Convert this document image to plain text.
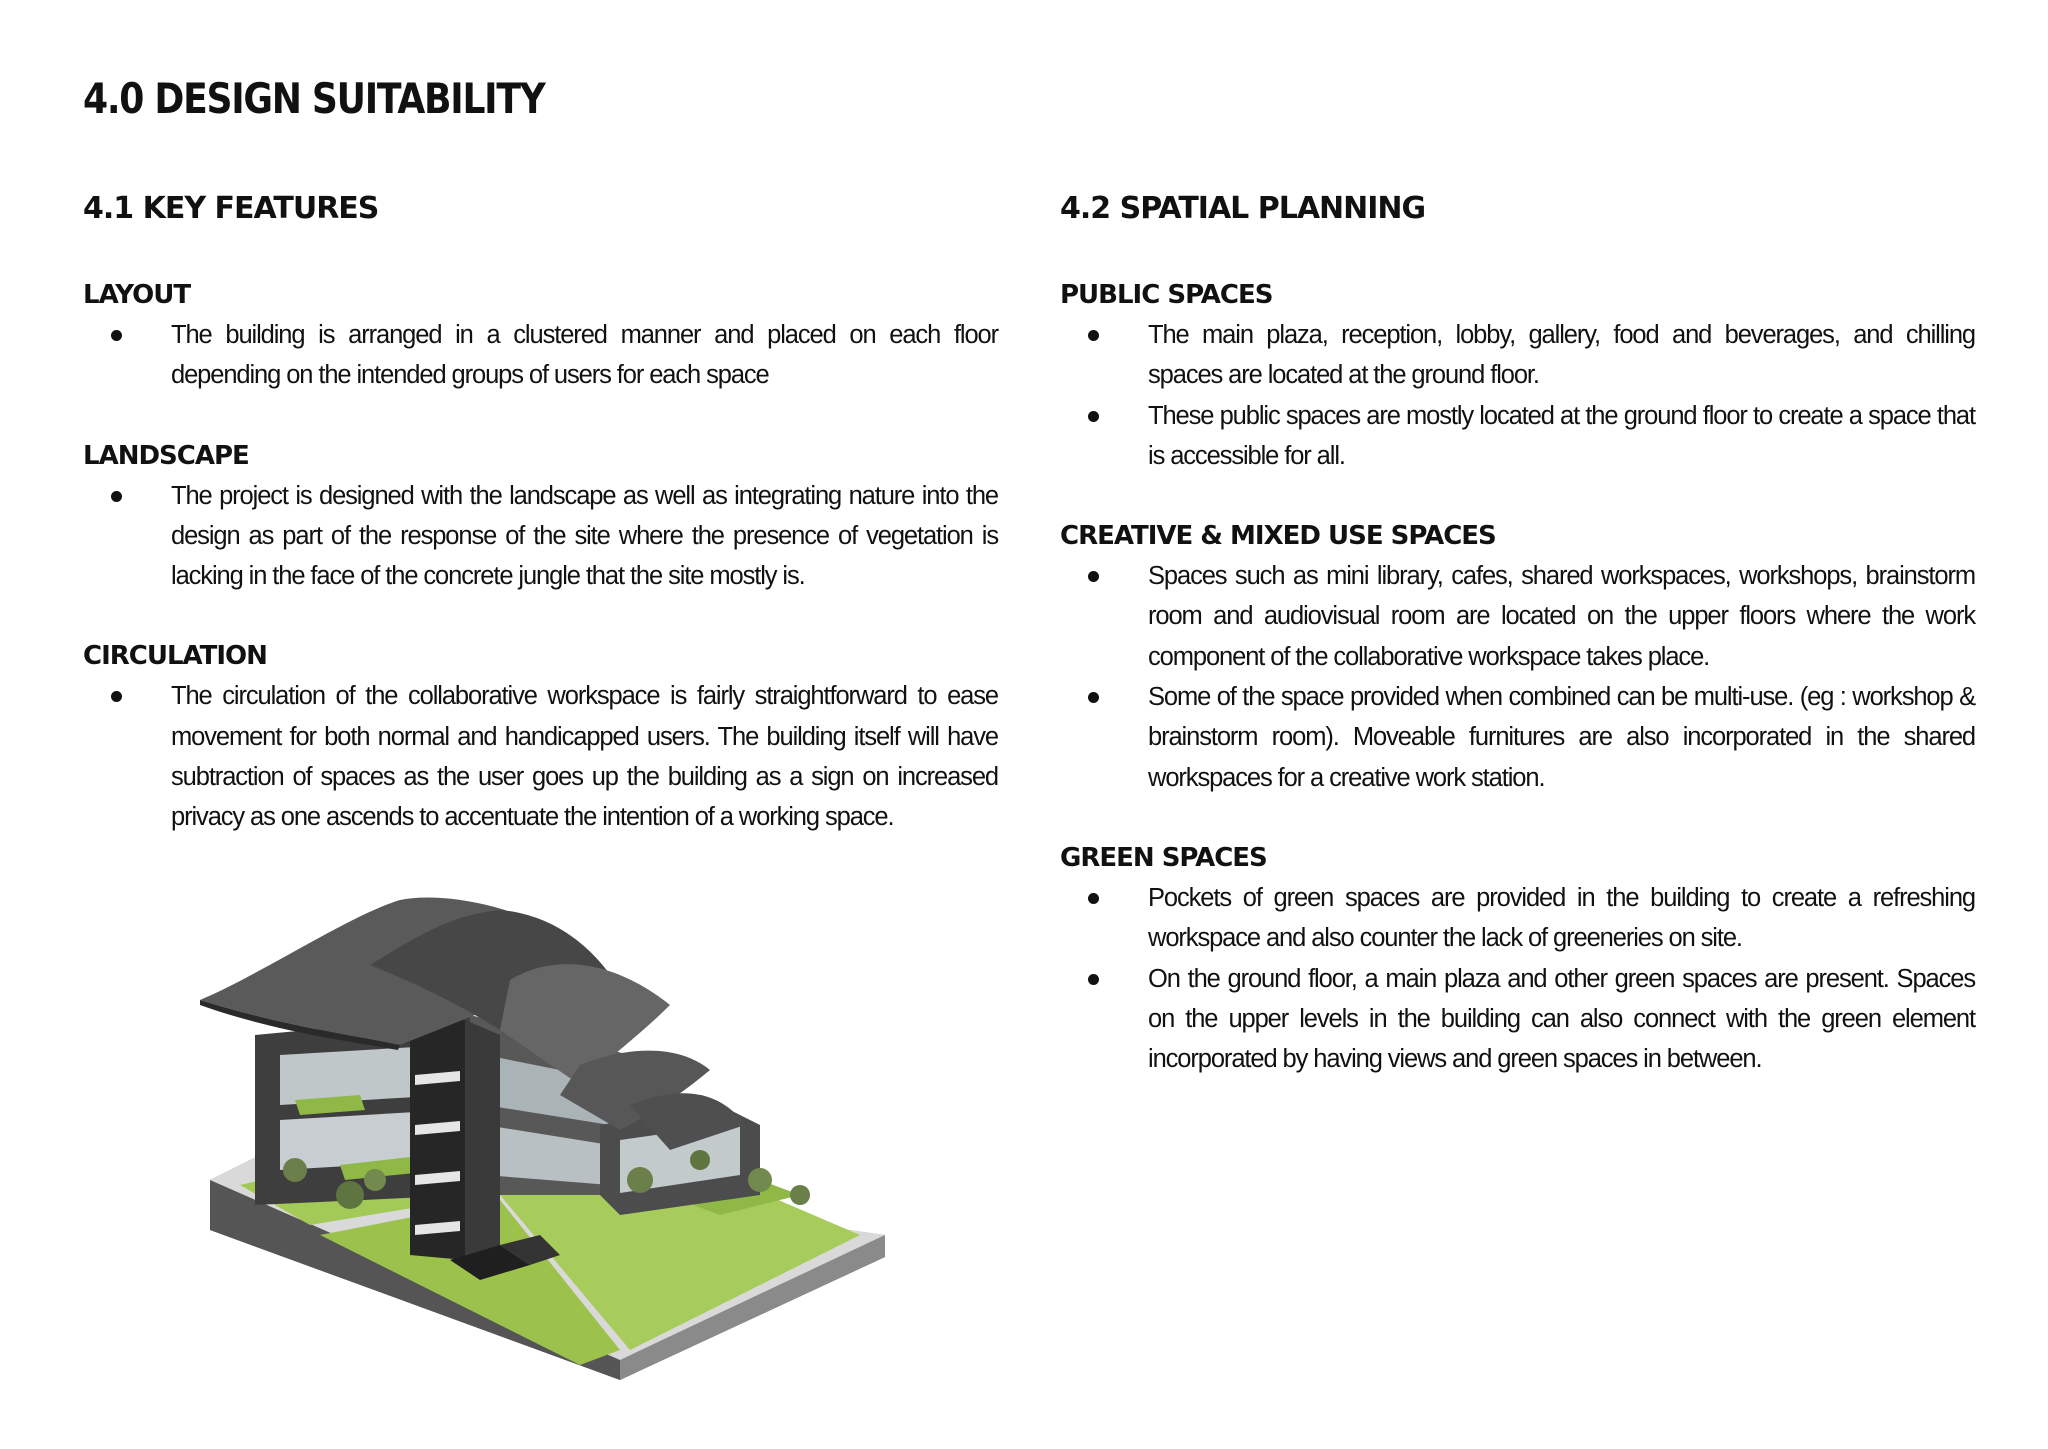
4.0 DESIGN SUITABILITY
4.1 KEY FEATURES
LAYOUT
The building is arranged in a clustered manner and placed on each floor depending on the intended groups of users for each space
LANDSCAPE
The project is designed with the landscape as well as integrating nature into the design as part of the response of the site where the presence of vegetation is lacking in the face of the concrete jungle that the site mostly is.
CIRCULATION
The circulation of the collaborative workspace is fairly straightforward to ease movement for both normal and handicapped users. The building itself will have subtraction of spaces as the user goes up the building as a sign on increased privacy as one ascends to accentuate the intention of a working space.
4.2 SPATIAL PLANNING
PUBLIC SPACES
The main plaza, reception, lobby, gallery, food and beverages, and chilling spaces are located at the ground floor.
These public spaces are mostly located at the ground floor to create a space that is accessible for all.
CREATIVE & MIXED USE SPACES
Spaces such as mini library, cafes, shared workspaces, workshops, brainstorm room and audiovisual room are located on the upper floors where the work component of the collaborative workspace takes place.
Some of the space provided when combined can be multi-use. (eg : workshop & brainstorm room). Moveable furnitures are also incorporated in the shared workspaces for a creative work station.
GREEN SPACES
Pockets of green spaces are provided in the building to create a refreshing workspace and also counter the lack of greeneries on site.
On the ground floor, a main plaza and other green spaces are present. Spaces on the upper levels in the building can also connect with the green element incorporated by having views and green spaces in between.
